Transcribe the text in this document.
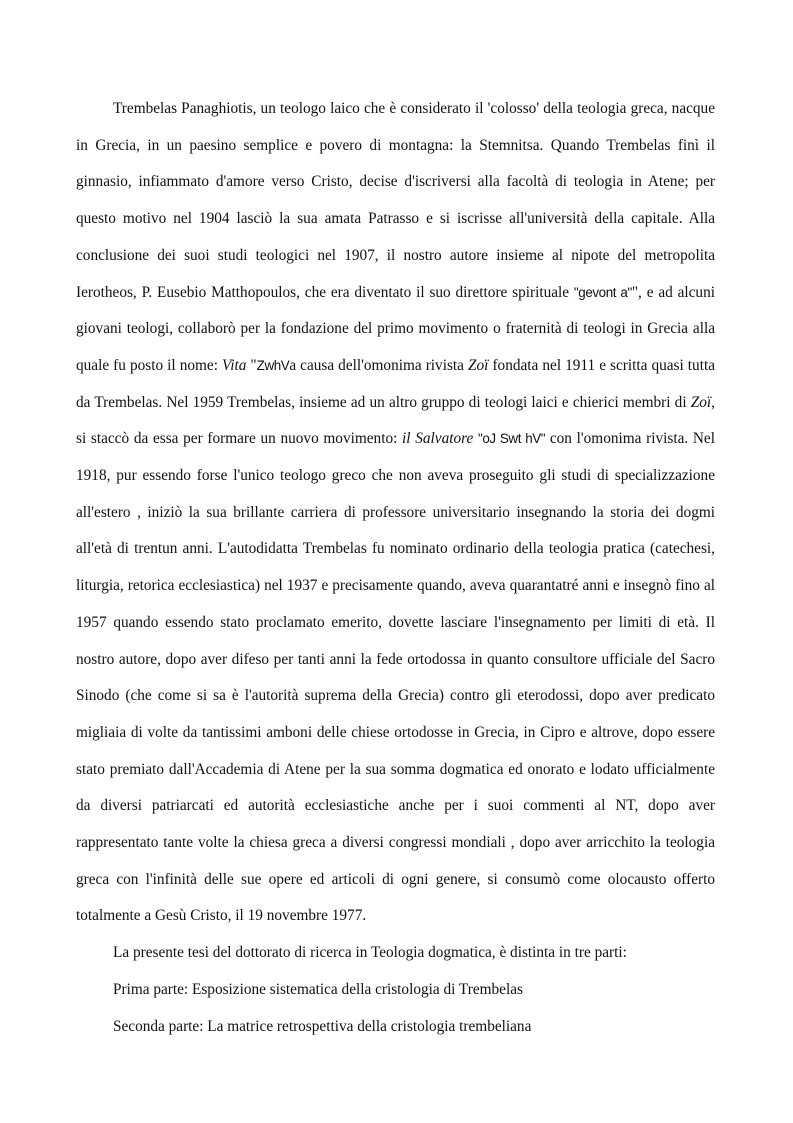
Trembelas Panaghiotis, un teologo laico che è considerato il 'colosso' della teologia greca, nacque in Grecia, in un paesino semplice e povero di montagna: la Stemnitsa. Quando Trembelas finì il ginnasio, infiammato d'amore verso Cristo, decise d'iscriversi alla facoltà di teologia in Atene; per questo motivo nel 1904 lasciò la sua amata Patrasso e si iscrisse all'università della capitale. Alla conclusione dei suoi studi teologici nel 1907, il nostro autore insieme al nipote del metropolita Ierotheos, P. Eusebio Matthopoulos, che era diventato il suo direttore spirituale "gevont a"", e ad alcuni giovani teologi, collaborò per la fondazione del primo movimento o fraternità di teologi in Grecia alla quale fu posto il nome: Vita "ZwhVa causa dell'omonima rivista Zoï fondata nel 1911 e scritta quasi tutta da Trembelas. Nel 1959 Trembelas, insieme ad un altro gruppo di teologi laici e chierici membri di Zoï, si staccò da essa per formare un nuovo movimento: il Salvatore "oJ Swt hV" con l'omonima rivista. Nel 1918, pur essendo forse l'unico teologo greco che non aveva proseguito gli studi di specializzazione all'estero , iniziò la sua brillante carriera di professore universitario insegnando la storia dei dogmi all'età di trentun anni. L'autodidatta Trembelas fu nominato ordinario della teologia pratica (catechesi, liturgia, retorica ecclesiastica) nel 1937 e precisamente quando, aveva quarantatré anni e insegnò fino al 1957 quando essendo stato proclamato emerito, dovette lasciare l'insegnamento per limiti di età. Il nostro autore, dopo aver difeso per tanti anni la fede ortodossa in quanto consultore ufficiale del Sacro Sinodo (che come si sa è l'autorità suprema della Grecia) contro gli eterodossi, dopo aver predicato migliaia di volte da tantissimi amboni delle chiese ortodosse in Grecia, in Cipro e altrove, dopo essere stato premiato dall'Accademia di Atene per la sua somma dogmatica ed onorato e lodato ufficialmente da diversi patriarcati ed autorità ecclesiastiche anche per i suoi commenti al NT, dopo aver rappresentato tante volte la chiesa greca a diversi congressi mondiali , dopo aver arricchito la teologia greca con l'infinità delle sue opere ed articoli di ogni genere, si consumò come olocausto offerto totalmente a Gesù Cristo, il 19 novembre 1977.

La presente tesi del dottorato di ricerca in Teologia dogmatica, è distinta in tre parti:

Prima parte: Esposizione sistematica della cristologia di Trembelas

Seconda parte: La matrice retrospettiva della cristologia trembeliana
